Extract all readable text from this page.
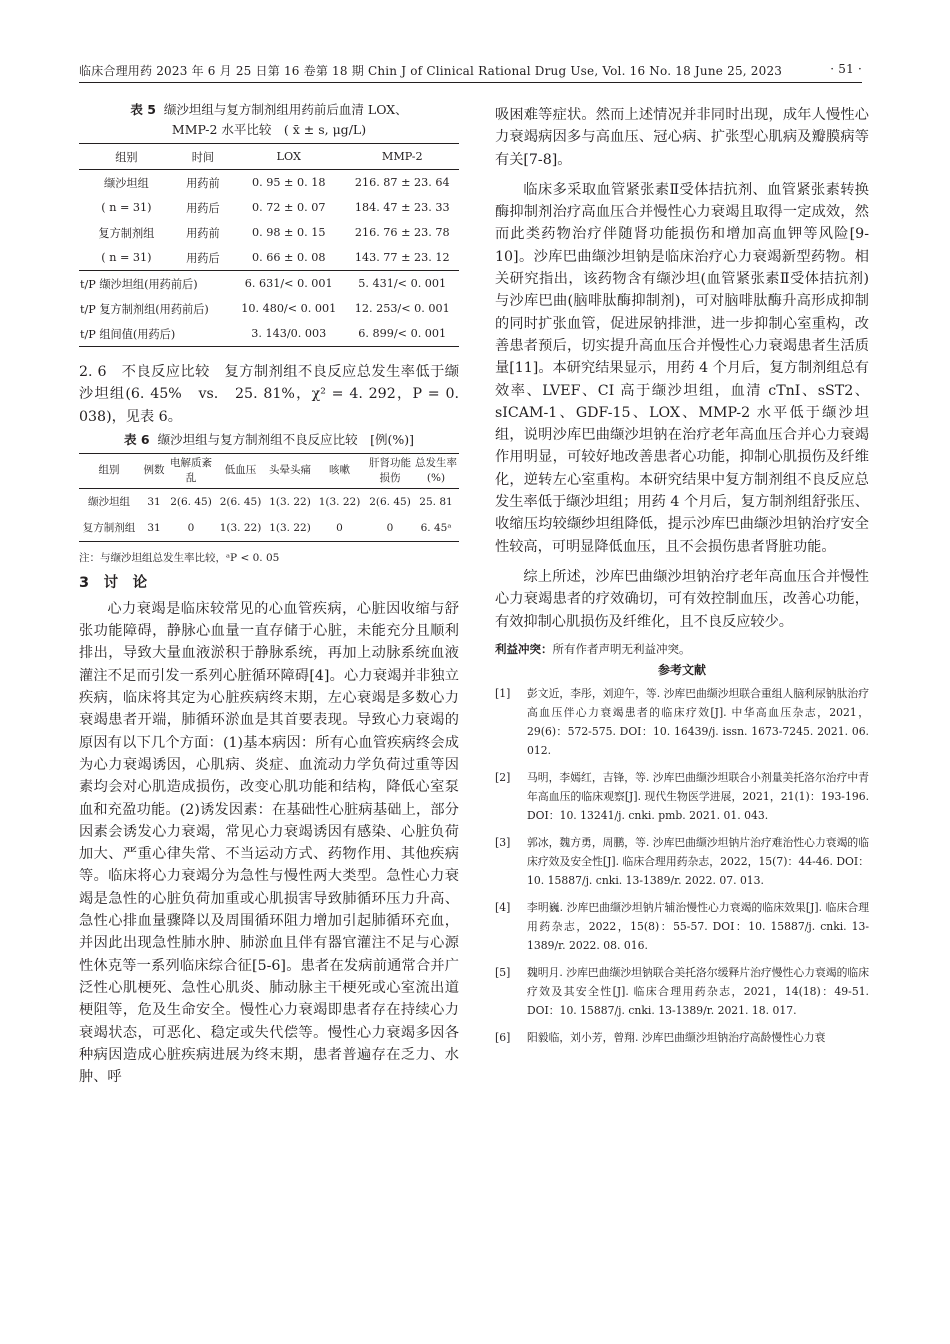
临床合理用药 2023 年 6 月 25 日第 16 卷第 18 期 Chin J of Clinical Rational Drug Use, Vol. 16 No. 18 June 25, 2023	· 51 ·
表 5 缬沙坦组与复方制剂组用药前后血清 LOX、
MMP-2 水平比较　( x̄ ± s, μg/L)
组别	时间	LOX	MMP-2
缬沙坦组	用药前	0. 95 ± 0. 18	216. 87 ± 23. 64
( n = 31)	用药后	0. 72 ± 0. 07	184. 47 ± 23. 33
复方制剂组	用药前	0. 98 ± 0. 15	216. 76 ± 23. 78
( n = 31)	用药后	0. 66 ± 0. 08	143. 77 ± 23. 12
t/P 缬沙坦组(用药前后)		6. 631/< 0. 001	5. 431/< 0. 001
t/P 复方制剂组(用药前后)		10. 480/< 0. 001	12. 253/< 0. 001
t/P 组间值(用药后)		3. 143/0. 003	6. 899/< 0. 001

2. 6　不良反应比较　复方制剂组不良反应总发生率低于缬沙坦组(6. 45%　vs.　25. 81%，χ² = 4. 292，P = 0. 038)，见表 6。

表 6 缬沙坦组与复方制剂组不良反应比较　[例(%)]
组别	例数	电解质紊乱	低血压	头晕头痛	咳嗽	肝肾功能损伤	总发生率(%)
缬沙坦组	31	2(6. 45)	2(6. 45)	1(3. 22)	1(3. 22)	2(6. 45)	25. 81
复方制剂组	31	0	1(3. 22)	1(3. 22)	0	0	6. 45ᵃ
注：与缬沙坦组总发生率比较，ᵃP < 0. 05
3　讨　论

心力衰竭是临床较常见的心血管疾病，心脏因收缩与舒张功能障碍，静脉心血量一直存储于心脏，未能充分且顺利排出，导致大量血液淤积于静脉系统，再加上动脉系统血液灌注不足而引发一系列心脏循环障碍[4]。心力衰竭并非独立疾病，临床将其定为心脏疾病终末期，左心衰竭是多数心力衰竭患者开端，肺循环淤血是其首要表现。导致心力衰竭的原因有以下几个方面：(1)基本病因：所有心血管疾病终会成为心力衰竭诱因，心肌病、炎症、血流动力学负荷过重等因素均会对心肌造成损伤，改变心肌功能和结构，降低心室泵血和充盈功能。(2)诱发因素：在基础性心脏病基础上，部分因素会诱发心力衰竭，常见心力衰竭诱因有感染、心脏负荷加大、严重心律失常、不当运动方式、药物作用、其他疾病等。临床将心力衰竭分为急性与慢性两大类型。急性心力衰竭是急性的心脏负荷加重或心肌损害导致肺循环压力升高、急性心排血量骤降以及周围循环阻力增加引起肺循环充血，并因此出现急性肺水肿、肺淤血且伴有器官灌注不足与心源性休克等一系列临床综合征[5-6]。患者在发病前通常合并广泛性心肌梗死、急性心肌炎、肺动脉主干梗死或心室流出道梗阻等，危及生命安全。慢性心力衰竭即患者存在持续心力衰竭状态，可恶化、稳定或失代偿等。慢性心力衰竭多因各种病因造成心脏疾病进展为终末期，患者普遍存在乏力、水肿、呼

吸困难等症状。然而上述情况并非同时出现，成年人慢性心力衰竭病因多与高血压、冠心病、扩张型心肌病及瓣膜病等有关[7-8]。

临床多采取血管紧张素Ⅱ受体拮抗剂、血管紧张素转换酶抑制剂治疗高血压合并慢性心力衰竭且取得一定成效，然而此类药物治疗伴随肾功能损伤和增加高血钾等风险[9-10]。沙库巴曲缬沙坦钠是临床治疗心力衰竭新型药物。相关研究指出，该药物含有缬沙坦(血管紧张素Ⅱ受体拮抗剂)与沙库巴曲(脑啡肽酶抑制剂)，可对脑啡肽酶升高形成抑制的同时扩张血管，促进尿钠排泄，进一步抑制心室重构，改善患者预后，切实提升高血压合并慢性心力衰竭患者生活质量[11]。本研究结果显示，用药 4 个月后，复方制剂组总有效率、LVEF、CI 高于缬沙坦组，血清 cTnI、sST2、sICAM-1、GDF-15、LOX、MMP-2 水平低于缬沙坦组，说明沙库巴曲缬沙坦钠在治疗老年高血压合并心力衰竭作用明显，可较好地改善患者心功能，抑制心肌损伤及纤维化，逆转左心室重构。本研究结果中复方制剂组不良反应总发生率低于缬沙坦组；用药 4 个月后，复方制剂组舒张压、收缩压均较缬纱坦组降低，提示沙库巴曲缬沙坦钠治疗安全性较高，可明显降低血压，且不会损伤患者肾脏功能。

综上所述，沙库巴曲缬沙坦钠治疗老年高血压合并慢性心力衰竭患者的疗效确切，可有效控制血压，改善心功能，有效抑制心肌损伤及纤维化，且不良反应较少。

利益冲突：所有作者声明无利益冲突。
参考文献
[1]	彭文近，李彤，刘迎午，等. 沙库巴曲缬沙坦联合重组人脑利尿钠肽治疗高血压伴心力衰竭患者的临床疗效[J]. 中华高血压杂志，2021，29(6)：572-575. DOI：10. 16439/j. issn. 1673-7245. 2021. 06. 012.
[2]	马明，李嫣红，吉锋，等. 沙库巴曲缬沙坦联合小剂量美托洛尔治疗中青年高血压的临床观察[J]. 现代生物医学进展，2021，21(1)：193-196. DOI：10. 13241/j. cnki. pmb. 2021. 01. 043.
[3]	郭冰，魏方勇，周鹏，等. 沙库巴曲缬沙坦钠片治疗难治性心力衰竭的临床疗效及安全性[J]. 临床合理用药杂志，2022，15(7)：44-46. DOI：10. 15887/j. cnki. 13-1389/r. 2022. 07. 013.
[4]	李明巍. 沙库巴曲缬沙坦钠片辅治慢性心力衰竭的临床效果[J]. 临床合理用药杂志，2022，15(8)：55-57. DOI：10. 15887/j. cnki. 13-1389/r. 2022. 08. 016.
[5]	魏明月. 沙库巴曲缬沙坦钠联合美托洛尔缓释片治疗慢性心力衰竭的临床疗效及其安全性[J]. 临床合理用药杂志，2021，14(18)：49-51. DOI：10. 15887/j. cnki. 13-1389/r. 2021. 18. 017.
[6]	阳毅临，刘小芳，曾翔. 沙库巴曲缬沙坦钠治疗高龄慢性心力衰
